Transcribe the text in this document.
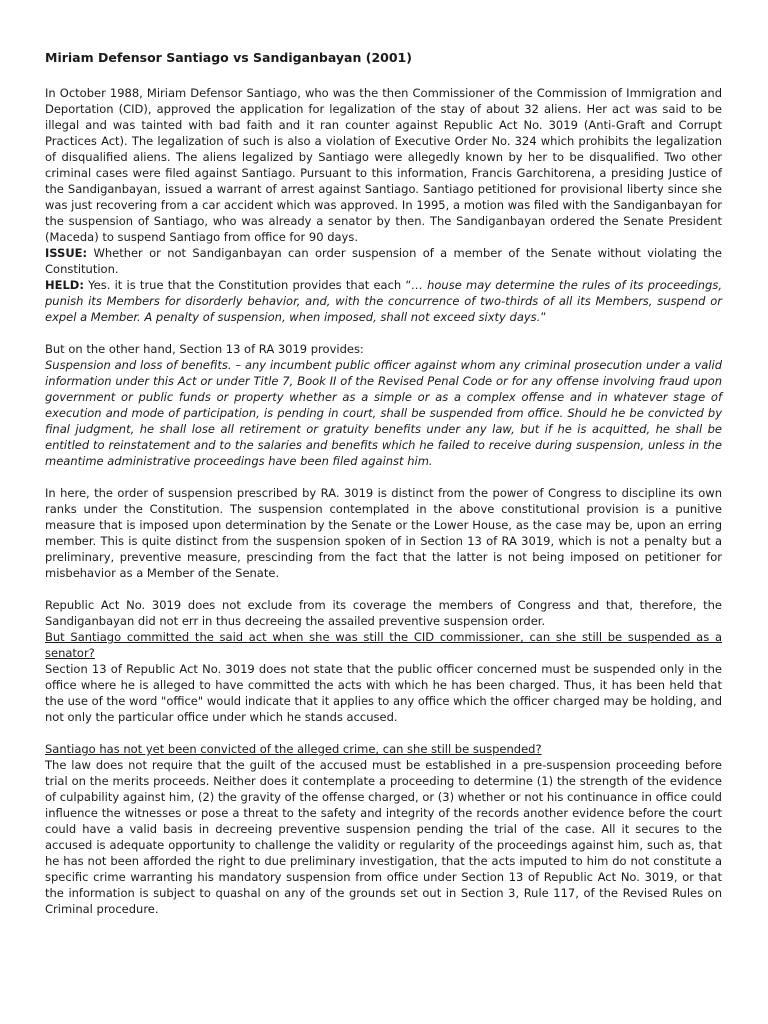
Miriam Defensor Santiago vs Sandiganbayan (2001)

In October 1988, Miriam Defensor Santiago, who was the then Commissioner of the Commission of Immigration and Deportation (CID), approved the application for legalization of the stay of about 32 aliens. Her act was said to be illegal and was tainted with bad faith and it ran counter against Republic Act No. 3019 (Anti-Graft and Corrupt Practices Act). The legalization of such is also a violation of Executive Order No. 324 which prohibits the legalization of disqualified aliens. The aliens legalized by Santiago were allegedly known by her to be disqualified. Two other criminal cases were filed against Santiago. Pursuant to this information, Francis Garchitorena, a presiding Justice of the Sandiganbayan, issued a warrant of arrest against Santiago. Santiago petitioned for provisional liberty since she was just recovering from a car accident which was approved. In 1995, a motion was filed with the Sandiganbayan for the suspension of Santiago, who was already a senator by then. The Sandiganbayan ordered the Senate President (Maceda) to suspend Santiago from office for 90 days.

ISSUE: Whether or not Sandiganbayan can order suspension of a member of the Senate without violating the Constitution.

HELD: Yes. it is true that the Constitution provides that each “… house may determine the rules of its proceedings, punish its Members for disorderly behavior, and, with the concurrence of two-thirds of all its Members, suspend or expel a Member. A penalty of suspension, when imposed, shall not exceed sixty days.”

But on the other hand, Section 13 of RA 3019 provides:

Suspension and loss of benefits. – any incumbent public officer against whom any criminal prosecution under a valid information under this Act or under Title 7, Book II of the Revised Penal Code or for any offense involving fraud upon government or public funds or property whether as a simple or as a complex offense and in whatever stage of execution and mode of participation, is pending in court, shall be suspended from office. Should he be convicted by final judgment, he shall lose all retirement or gratuity benefits under any law, but if he is acquitted, he shall be entitled to reinstatement and to the salaries and benefits which he failed to receive during suspension, unless in the meantime administrative proceedings have been filed against him.

In here, the order of suspension prescribed by RA. 3019 is distinct from the power of Congress to discipline its own ranks under the Constitution. The suspension contemplated in the above constitutional provision is a punitive measure that is imposed upon determination by the Senate or the Lower House, as the case may be, upon an erring member. This is quite distinct from the suspension spoken of in Section 13 of RA 3019, which is not a penalty but a preliminary, preventive measure, prescinding from the fact that the latter is not being imposed on petitioner for misbehavior as a Member of the Senate.

Republic Act No. 3019 does not exclude from its coverage the members of Congress and that, therefore, the Sandiganbayan did not err in thus decreeing the assailed preventive suspension order.

But Santiago committed the said act when she was still the CID commissioner, can she still be suspended as a senator?

Section 13 of Republic Act No. 3019 does not state that the public officer concerned must be suspended only in the office where he is alleged to have committed the acts with which he has been charged. Thus, it has been held that the use of the word "office" would indicate that it applies to any office which the officer charged may be holding, and not only the particular office under which he stands accused.

Santiago has not yet been convicted of the alleged crime, can she still be suspended?

The law does not require that the guilt of the accused must be established in a pre-suspension proceeding before trial on the merits proceeds. Neither does it contemplate a proceeding to determine (1) the strength of the evidence of culpability against him, (2) the gravity of the offense charged, or (3) whether or not his continuance in office could influence the witnesses or pose a threat to the safety and integrity of the records another evidence before the court could have a valid basis in decreeing preventive suspension pending the trial of the case. All it secures to the accused is adequate opportunity to challenge the validity or regularity of the proceedings against him, such as, that he has not been afforded the right to due preliminary investigation, that the acts imputed to him do not constitute a specific crime warranting his mandatory suspension from office under Section 13 of Republic Act No. 3019, or that the information is subject to quashal on any of the grounds set out in Section 3, Rule 117, of the Revised Rules on Criminal procedure.
